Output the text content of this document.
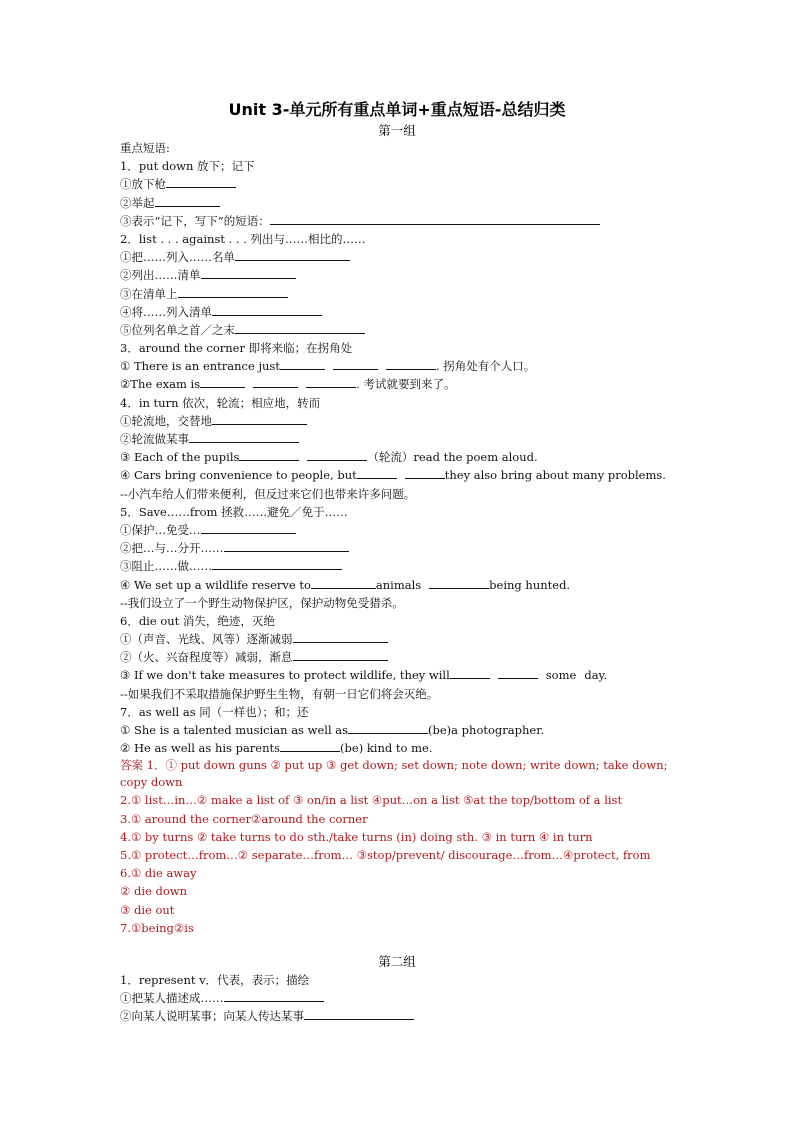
Unit 3-单元所有重点单词+重点短语-总结归类
第一组
重点短语:
1．put down 放下；记下
①放下枪
②举起
③表示“记下，写下”的短语：
2．list . . . against . . . 列出与……相比的……
①把……列入……名单
②列出……清单
③在清单上
④将……列入清单
⑤位列名单之首／之末
3．around the corner 即将来临；在拐角处
① There is an entrance just	. 拐角处有个人口。
②The exam is	. 考试就要到来了。
4．in turn 依次，轮流；相应地，转而
①轮流地，交替地
②轮流做某事
③ Each of the pupils	（轮流）read the poem aloud.
④ Cars bring convenience to people, but	they also bring about many problems.
--小汽车给人们带来便利，但反过来它们也带来许多问题。
5．Save……from 拯救……避免／免于……
①保护…免受…
②把…与…分开……
③阻止……做……
④ We set up a wildlife reserve to	animals	being hunted.
--我们设立了一个野生动物保护区，保护动物免受猎杀。
6．die out 消失，绝迹，灭绝
①（声音、光线、风等）逐渐减弱
②（火、兴奋程度等）减弱，渐息
③ If we don't take measures to protect wildlife, they will	some day.
--如果我们不采取措施保护野生生物，有朝一日它们将会灭绝。
7．as well as 同（一样也）；和；还
① She is a talented musician as well as	(be)a photographer.
② He as well as his parents	(be) kind to me.
答案 1．① put down guns ② put up ③ get down; set down; note down; write down; take down; copy down
2.① list…in…② make a list of ③ on/in a list ④put…on a list ⑤at the top/bottom of a list
3.① around the corner②around the corner
4.① by turns ② take turns to do sth./take turns (in) doing sth. ③ in turn ④ in turn
5.① protect…from…② separate…from… ③stop/prevent/ discourage…from…④protect, from
6.① die away
② die down
③ die out
7.①being②is
第二组
1．represent v．代表，表示；描绘
①把某人描述成……
②向某人说明某事；向某人传达某事
